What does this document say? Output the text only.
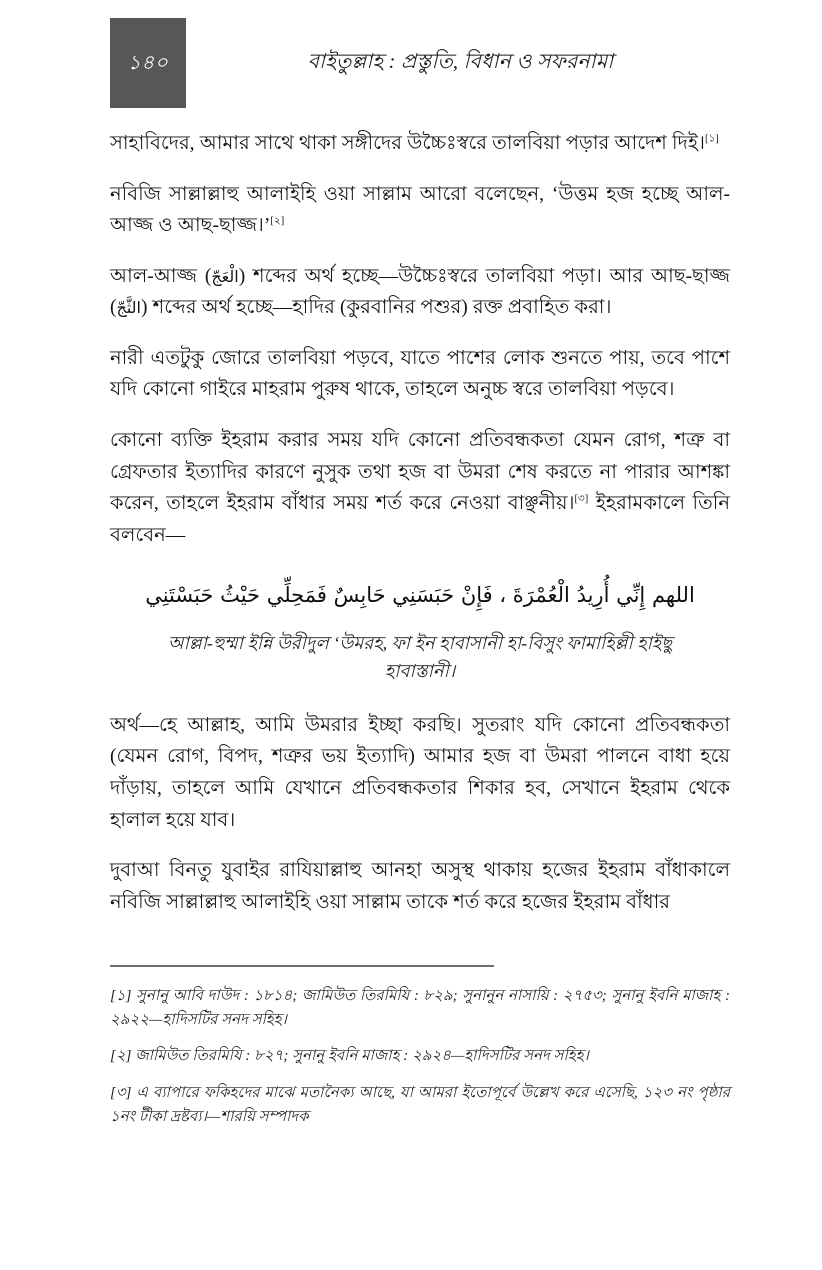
১৪০	বাইতুল্লাহ : প্রস্তুতি, বিধান ও সফরনামা

সাহাবিদের, আমার সাথে থাকা সঙ্গীদের উচ্চৈঃস্বরে তালবিয়া পড়ার আদেশ দিই।[১]

নবিজি সাল্লাল্লাহু আলাইহি ওয়া সাল্লাম আরো বলেছেন, ‘উত্তম হজ হচ্ছে আল-আজ্জ ও আছ-ছাজ্জ।’[২]

আল-আজ্জ (الْعَجّ) শব্দের অর্থ হচ্ছে—উচ্চৈঃস্বরে তালবিয়া পড়া। আর আছ-ছাজ্জ (الثَّجّ) শব্দের অর্থ হচ্ছে—হাদির (কুরবানির পশুর) রক্ত প্রবাহিত করা।

নারী এতটুকু জোরে তালবিয়া পড়বে, যাতে পাশের লোক শুনতে পায়, তবে পাশে যদি কোনো গাইরে মাহরাম পুরুষ থাকে, তাহলে অনুচ্চ স্বরে তালবিয়া পড়বে।

কোনো ব্যক্তি ইহরাম করার সময় যদি কোনো প্রতিবন্ধকতা যেমন রোগ, শত্রু বা গ্রেফতার ইত্যাদির কারণে নুসুক তথা হজ বা উমরা শেষ করতে না পারার আশঙ্কা করেন, তাহলে ইহরাম বাঁধার সময় শর্ত করে নেওয়া বাঞ্ছনীয়।[৩] ইহরামকালে তিনি বলবেন—

اللهم إِنِّي أُرِيدُ الْعُمْرَةَ ، فَإِنْ حَبَسَنِي حَابِسٌ فَمَحِلِّي حَيْثُ حَبَسْتَنِي

আল্লা-হুম্মা ইন্নি উরীদুল ‘উমরহ, ফা ইন হাবাসানী হা-বিসুং ফামাহিল্লী হাইছু হাবাস্তানী।

অর্থ—হে আল্লাহ, আমি উমরার ইচ্ছা করছি। সুতরাং যদি কোনো প্রতিবন্ধকতা (যেমন রোগ, বিপদ, শত্রুর ভয় ইত্যাদি) আমার হজ বা উমরা পালনে বাধা হয়ে দাঁড়ায়, তাহলে আমি যেখানে প্রতিবন্ধকতার শিকার হব, সেখানে ইহরাম থেকে হালাল হয়ে যাব।

দুবাআ বিনতু যুবাইর রাযিয়াল্লাহু আনহা অসুস্থ থাকায় হজের ইহরাম বাঁধাকালে নবিজি সাল্লাল্লাহু আলাইহি ওয়া সাল্লাম তাকে শর্ত করে হজের ইহরাম বাঁধার

[১] সুনানু আবি দাউদ : ১৮১৪; জামিউত তিরমিযি : ৮২৯; সুনানুন নাসায়ি : ২৭৫৩; সুনানু ইবনি মাজাহ : ২৯২২—হাদিসটির সনদ সহিহ।

[২] জামিউত তিরমিযি : ৮২৭; সুনানু ইবনি মাজাহ : ২৯২৪—হাদিসটির সনদ সহিহ।

[৩] এ ব্যাপারে ফকিহদের মাঝে মতানৈক্য আছে, যা আমরা ইতোপূর্বে উল্লেখ করে এসেছি, ১২৩ নং পৃষ্ঠার ১নং টীকা দ্রষ্টব্য।—শারয়ি সম্পাদক
